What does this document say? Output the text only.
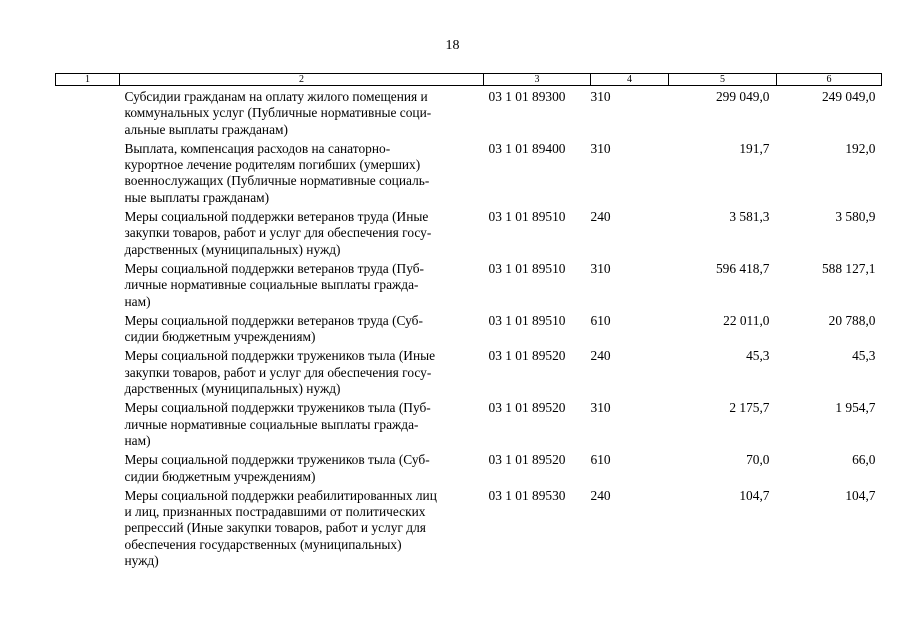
18
1	2	3	4	5	6
	Субсидии гражданам на оплату жилого помещения и
коммунальных услуг (Публичные нормативные соци-
альные выплаты гражданам)	03 1 01 89300	310	299 049,0	249 049,0
	Выплата, компенсация расходов на санаторно-
курортное лечение родителям погибших (умерших)
военнослужащих (Публичные нормативные социаль-
ные выплаты гражданам)	03 1 01 89400	310	191,7	192,0
	Меры социальной поддержки ветеранов труда (Иные
закупки товаров, работ и услуг для обеспечения госу-
дарственных (муниципальных) нужд)	03 1 01 89510	240	3 581,3	3 580,9
	Меры социальной поддержки ветеранов труда (Пуб-
личные нормативные социальные выплаты гражда-
нам)	03 1 01 89510	310	596 418,7	588 127,1
	Меры социальной поддержки ветеранов труда (Суб-
сидии бюджетным учреждениям)	03 1 01 89510	610	22 011,0	20 788,0
	Меры социальной поддержки тружеников тыла (Иные
закупки товаров, работ и услуг для обеспечения госу-
дарственных (муниципальных) нужд)	03 1 01 89520	240	45,3	45,3
	Меры социальной поддержки тружеников тыла (Пуб-
личные нормативные социальные выплаты гражда-
нам)	03 1 01 89520	310	2 175,7	1 954,7
	Меры социальной поддержки тружеников тыла (Суб-
сидии бюджетным учреждениям)	03 1 01 89520	610	70,0	66,0
	Меры социальной поддержки реабилитированных лиц
и лиц, признанных пострадавшими от политических
репрессий (Иные закупки товаров, работ и услуг для
обеспечения государственных (муниципальных)
нужд)	03 1 01 89530	240	104,7	104,7
